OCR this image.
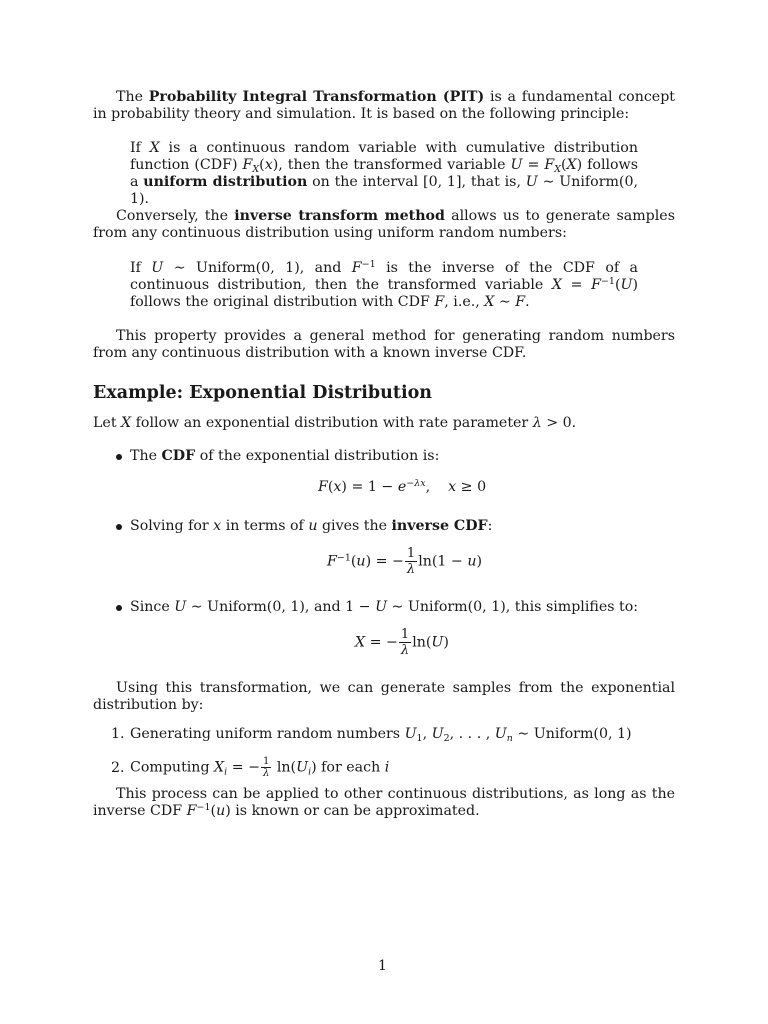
The Probability Integral Transformation (PIT) is a fundamental concept in probability theory and simulation. It is based on the following principle:
If X is a continuous random variable with cumulative distribution function (CDF) $F_X(x)$, then the transformed variable $U = F_X(X)$ follows a uniform distribution on the interval [0, 1], that is, U ∼ Uniform(0, 1).
Conversely, the inverse transform method allows us to generate samples from any continuous distribution using uniform random numbers:
If U ∼ Uniform(0, 1), and $F^{-1}$ is the inverse of the CDF of a continuous distribution, then the transformed variable $X = F^{-1}(U)$ follows the original distribution with CDF F, i.e., X ∼ F.
This property provides a general method for generating random numbers from any continuous distribution with a known inverse CDF.
Example: Exponential Distribution
Let X follow an exponential distribution with rate parameter λ > 0.
The CDF of the exponential distribution is:
$F(x) = 1 - e^{-\lambda x}$,    x ≥ 0
Solving for x in terms of u gives the inverse CDF:
$F^{-1}(u)$ = − $\frac{1}{\lambda} \ln(1 - u)$
Since U ∼ Uniform(0, 1), and 1 − U ∼ Uniform(0, 1), this simplifies to:
X = − $\frac{1}{\lambda} \ln(U)$
Using this transformation, we can generate samples from the exponential distribution by:
1. Generating uniform random numbers $U_1$, $U_2$, . . . , $U_n$ ∼ Uniform(0, 1)
2. Computing $X_i$ = − $\frac{1}{\lambda} \ln(U_i)$ for each i
This process can be applied to other continuous distributions, as long as the inverse CDF $F^{-1}(u)$ is known or can be approximated.
1
